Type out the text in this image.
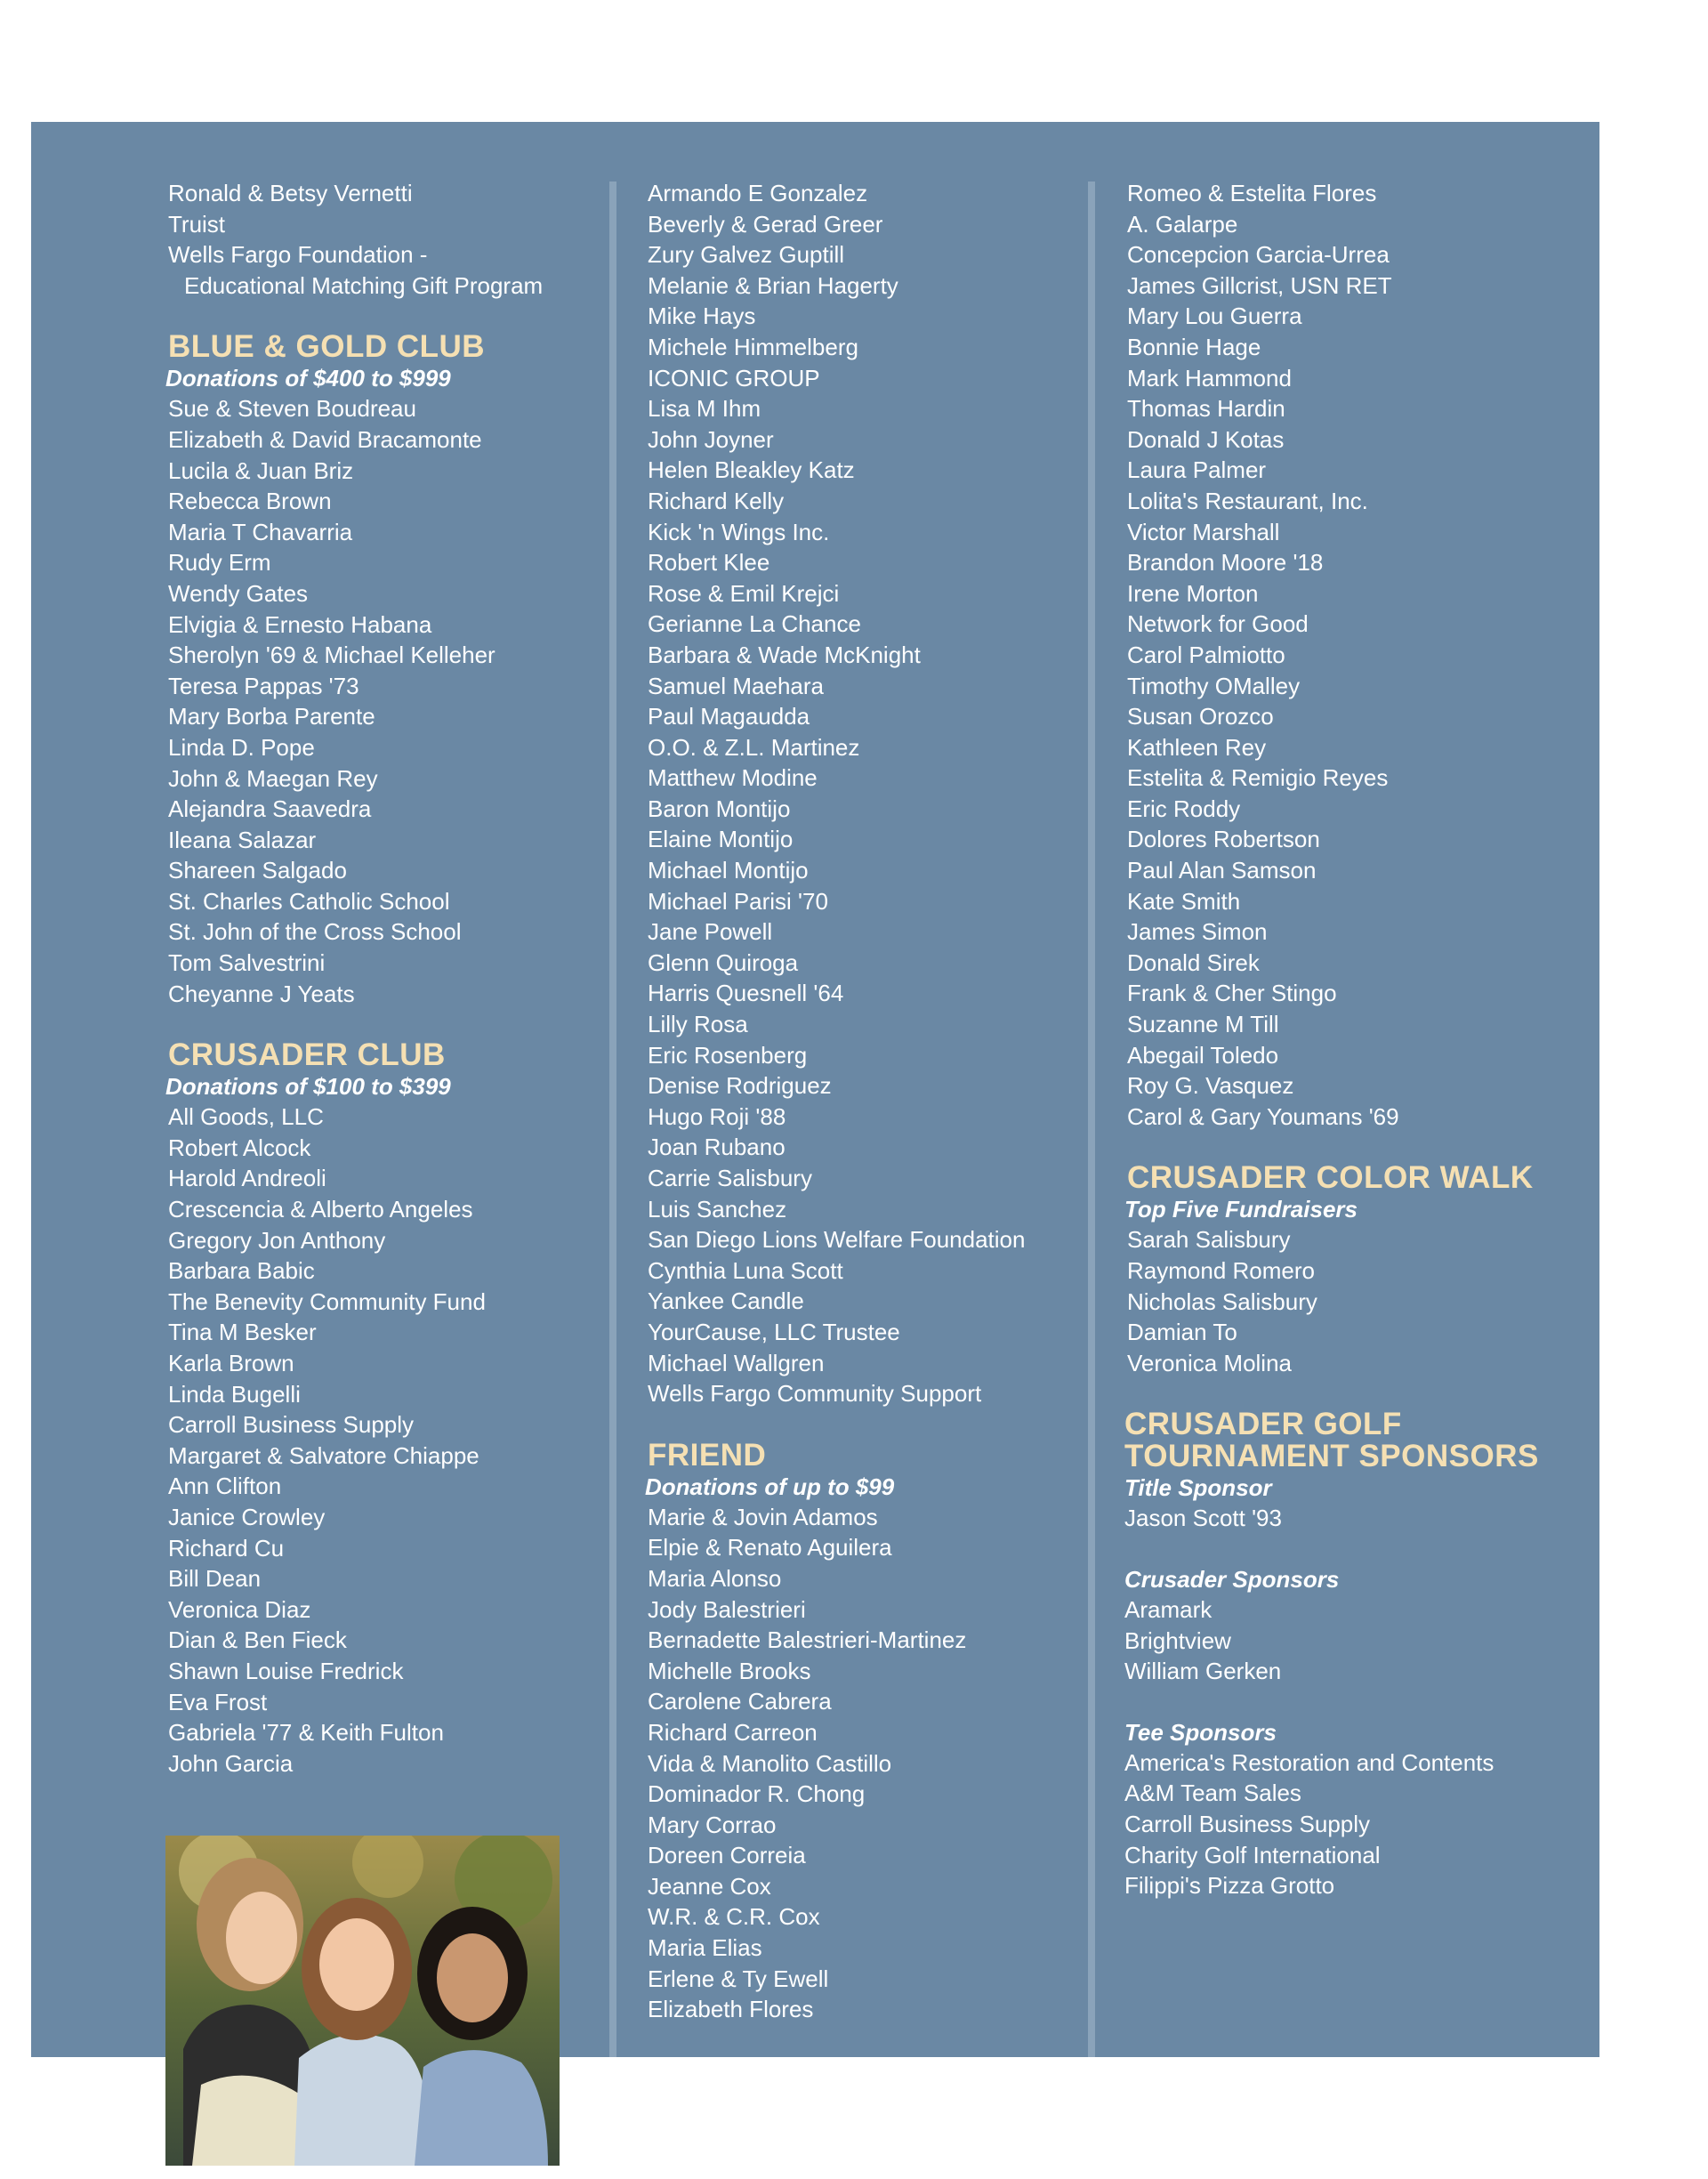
Ronald & Betsy Vernetti
Truist
Wells Fargo Foundation -
Educational Matching Gift Program
BLUE & GOLD CLUB
Donations of $400 to $999
Sue & Steven Boudreau
Elizabeth & David Bracamonte
Lucila & Juan Briz
Rebecca Brown
Maria T Chavarria
Rudy Erm
Wendy Gates
Elvigia & Ernesto Habana
Sherolyn '69 & Michael Kelleher
Teresa Pappas '73
Mary Borba Parente
Linda D. Pope
John & Maegan Rey
Alejandra Saavedra
Ileana Salazar
Shareen Salgado
St. Charles Catholic School
St. John of the Cross School
Tom Salvestrini
Cheyanne J Yeats
CRUSADER CLUB
Donations of $100 to $399
All Goods, LLC
Robert Alcock
Harold Andreoli
Crescencia & Alberto Angeles
Gregory Jon Anthony
Barbara Babic
The Benevity Community Fund
Tina M Besker
Karla Brown
Linda Bugelli
Carroll Business Supply
Margaret & Salvatore Chiappe
Ann Clifton
Janice Crowley
Richard Cu
Bill Dean
Veronica Diaz
Dian & Ben Fieck
Shawn Louise Fredrick
Eva Frost
Gabriela '77 & Keith Fulton
John Garcia
Armando E Gonzalez
Beverly & Gerad Greer
Zury Galvez Guptill
Melanie & Brian Hagerty
Mike Hays
Michele Himmelberg
ICONIC GROUP
Lisa M Ihm
John Joyner
Helen Bleakley Katz
Richard Kelly
Kick 'n Wings Inc.
Robert Klee
Rose & Emil Krejci
Gerianne La Chance
Barbara & Wade McKnight
Samuel Maehara
Paul Magaudda
O.O. & Z.L. Martinez
Matthew Modine
Baron Montijo
Elaine Montijo
Michael Montijo
Michael Parisi '70
Jane Powell
Glenn Quiroga
Harris Quesnell '64
Lilly Rosa
Eric Rosenberg
Denise Rodriguez
Hugo Roji '88
Joan Rubano
Carrie Salisbury
Luis Sanchez
San Diego Lions Welfare Foundation
Cynthia Luna Scott
Yankee Candle
YourCause, LLC Trustee
Michael Wallgren
Wells Fargo Community Support
FRIEND
Donations of up to $99
Marie & Jovin Adamos
Elpie & Renato Aguilera
Maria Alonso
Jody Balestrieri
Bernadette Balestrieri-Martinez
Michelle Brooks
Carolene Cabrera
Richard Carreon
Vida & Manolito Castillo
Dominador R. Chong
Mary Corrao
Doreen Correia
Jeanne Cox
W.R. & C.R. Cox
Maria Elias
Erlene & Ty Ewell
Elizabeth Flores
Romeo & Estelita Flores
A. Galarpe
Concepcion Garcia-Urrea
James Gillcrist, USN RET
Mary Lou Guerra
Bonnie Hage
Mark Hammond
Thomas Hardin
Donald J Kotas
Laura Palmer
Lolita's Restaurant, Inc.
Victor Marshall
Brandon Moore '18
Irene Morton
Network for Good
Carol Palmiotto
Timothy OMalley
Susan Orozco
Kathleen Rey
Estelita & Remigio Reyes
Eric Roddy
Dolores Robertson
Paul Alan Samson
Kate Smith
James Simon
Donald Sirek
Frank & Cher Stingo
Suzanne M Till
Abegail Toledo
Roy G. Vasquez
Carol & Gary Youmans '69
CRUSADER COLOR WALK
Top Five Fundraisers
Sarah Salisbury
Raymond Romero
Nicholas Salisbury
Damian To
Veronica Molina
CRUSADER GOLF
TOURNAMENT SPONSORS
Title Sponsor
Jason Scott '93
Crusader Sponsors
Aramark
Brightview
William Gerken
Tee Sponsors
America's Restoration and Contents
A&M Team Sales
Carroll Business Supply
Charity Golf International
Filippi's Pizza Grotto
